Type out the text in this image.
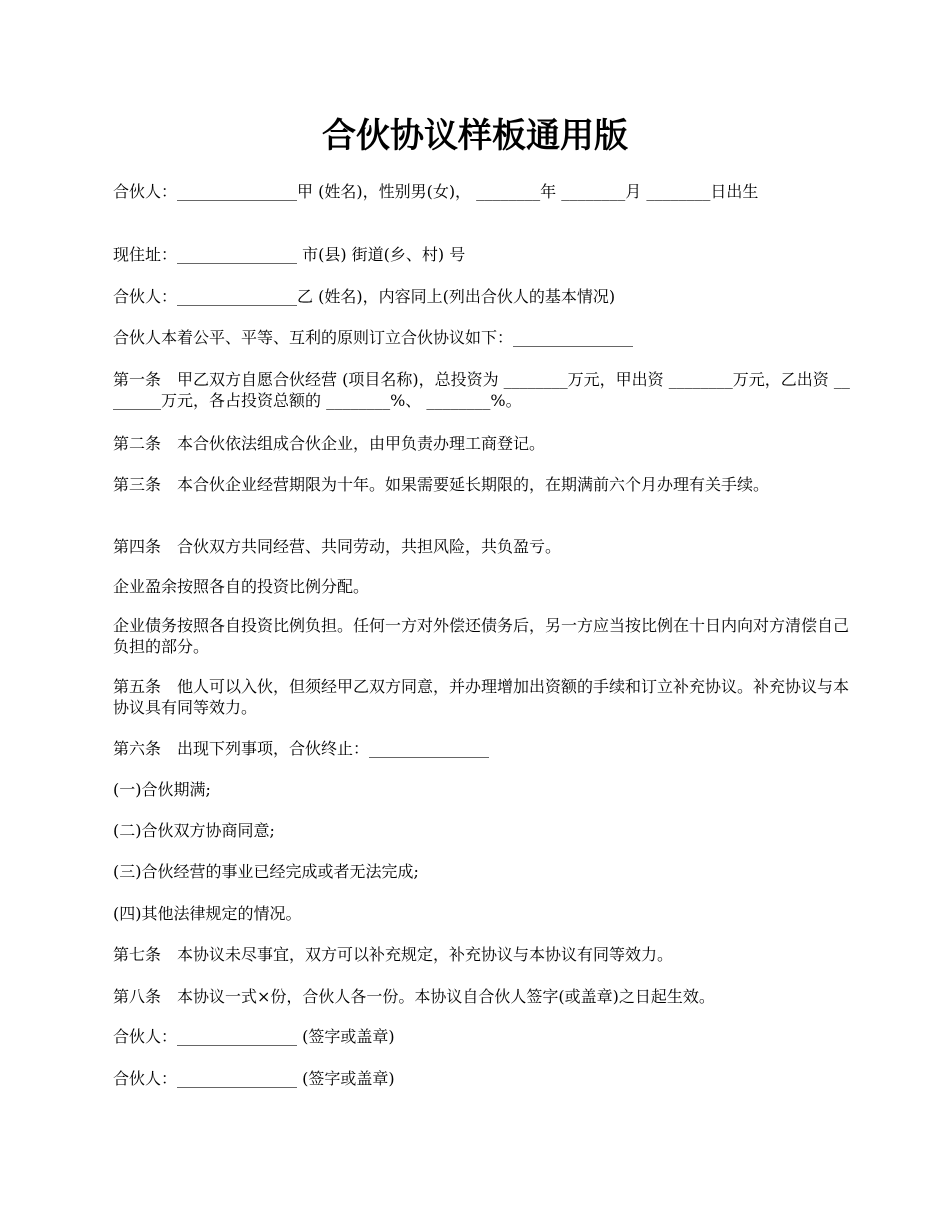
合伙协议样板通用版

合伙人：_______________甲 (姓名)，性别男(女)， ________年 ________月 ________日出生

现住址：_______________ 市(县) 街道(乡、村) 号

合伙人：_______________乙 (姓名)，内容同上(列出合伙人的基本情况)

合伙人本着公平、平等、互利的原则订立合伙协议如下：_______________

第一条　甲乙双方自愿合伙经营 (项目名称)，总投资为 ________万元，甲出资 ________万元，乙出资 ________万元，各占投资总额的 ________%、 ________%。

第二条　本合伙依法组成合伙企业，由甲负责办理工商登记。

第三条　本合伙企业经营期限为十年。如果需要延长期限的，在期满前六个月办理有关手续。

第四条　合伙双方共同经营、共同劳动，共担风险，共负盈亏。

企业盈余按照各自的投资比例分配。

企业债务按照各自投资比例负担。任何一方对外偿还债务后，另一方应当按比例在十日内向对方清偿自己负担的部分。

第五条　他人可以入伙，但须经甲乙双方同意，并办理增加出资额的手续和订立补充协议。补充协议与本协议具有同等效力。

第六条　出现下列事项，合伙终止：_______________

(一)合伙期满;

(二)合伙双方协商同意;

(三)合伙经营的事业已经完成或者无法完成;

(四)其他法律规定的情况。

第七条　本协议未尽事宜，双方可以补充规定，补充协议与本协议有同等效力。

第八条　本协议一式×份，合伙人各一份。本协议自合伙人签字(或盖章)之日起生效。

合伙人：_______________ (签字或盖章)

合伙人：_______________ (签字或盖章)
